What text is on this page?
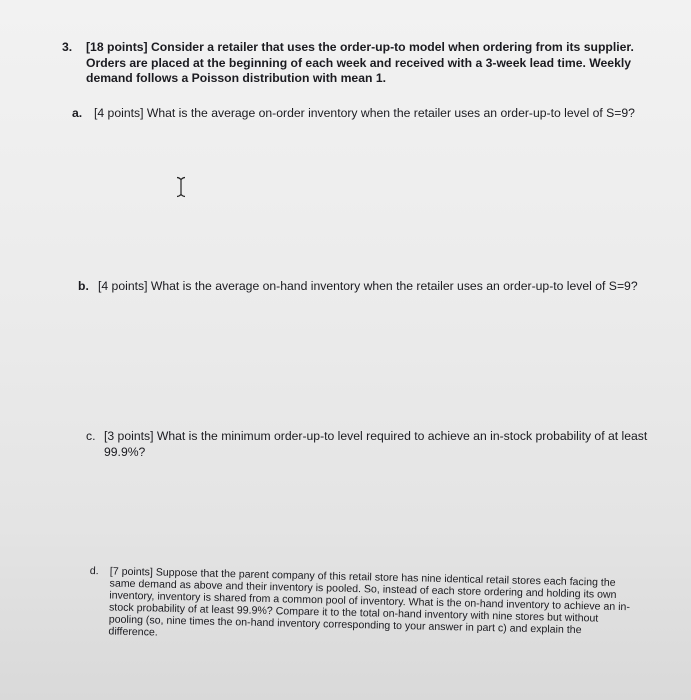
3. [18 points] Consider a retailer that uses the order-up-to model when ordering from its supplier. Orders are placed at the beginning of each week and received with a 3-week lead time. Weekly demand follows a Poisson distribution with mean 1.
a. [4 points] What is the average on-order inventory when the retailer uses an order-up-to level of S=9?
b. [4 points] What is the average on-hand inventory when the retailer uses an order-up-to level of S=9?
c. [3 points] What is the minimum order-up-to level required to achieve an in-stock probability of at least 99.9%?
d. [7 points] Suppose that the parent company of this retail store has nine identical retail stores each facing the same demand as above and their inventory is pooled. So, instead of each store ordering and holding its own inventory, inventory is shared from a common pool of inventory. What is the on-hand inventory to achieve an in-stock probability of at least 99.9%? Compare it to the total on-hand inventory with nine stores but without pooling (so, nine times the on-hand inventory corresponding to your answer in part c) and explain the difference.
